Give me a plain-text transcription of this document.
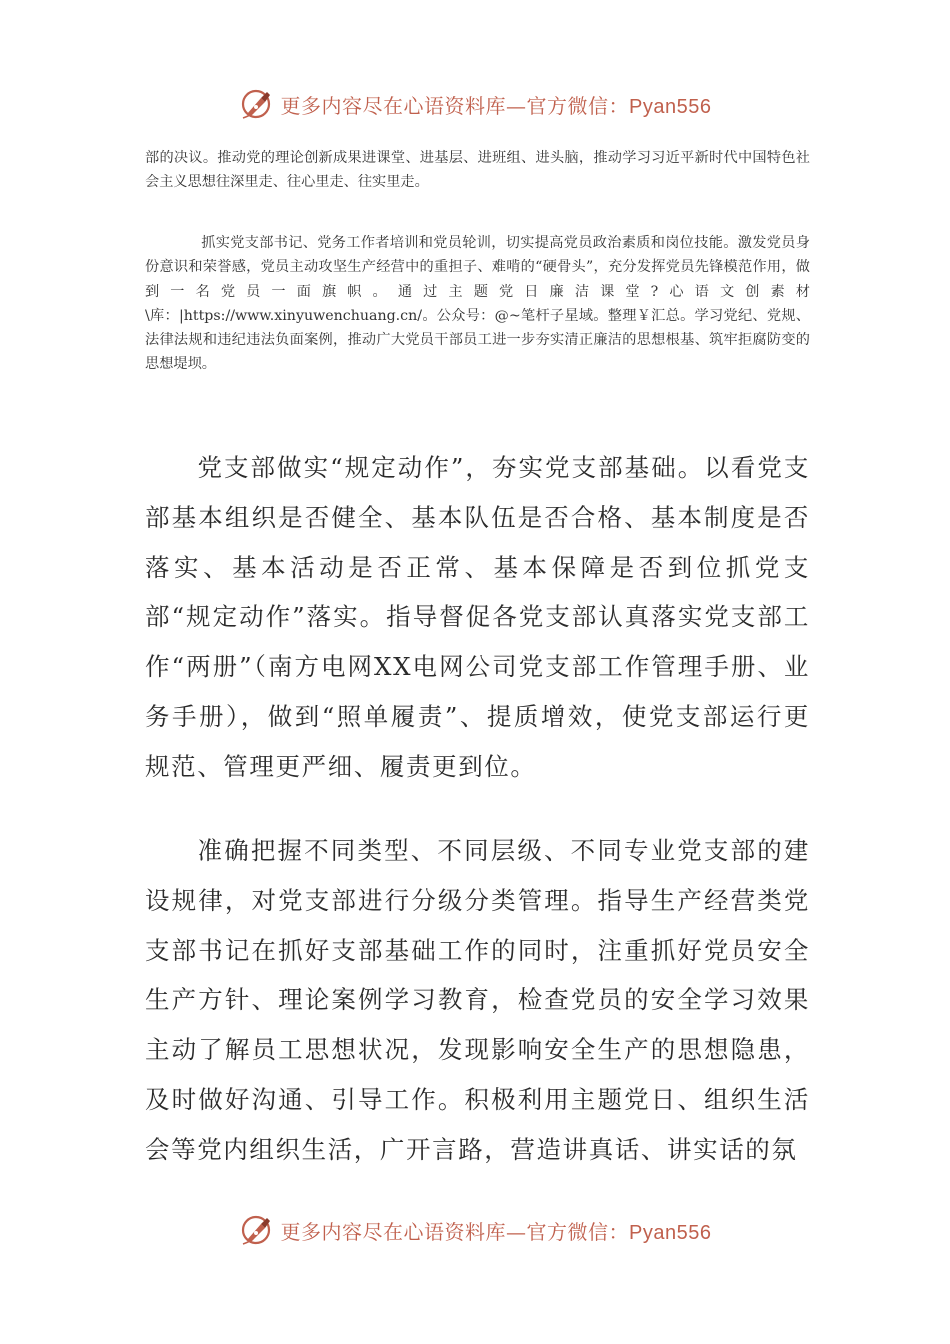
更多内容尽在心语资料库—官方微信：Pyan556

部的决议。推动党的理论创新成果进课堂、进基层、进班组、进头脑，推动学习习近平新时代中国特色社会主义思想往深里走、往心里走、往实里走。

抓实党支部书记、党务工作者培训和党员轮训，切实提高党员政治素质和岗位技能。激发党员身份意识和荣誉感，党员主动攻坚生产经营中的重担子、难啃的“硬骨头”，充分发挥党员先锋模范作用，做到一名党员一面旗帜。通过主题党日廉洁课堂?心语文创素材\库：|https://www.xinyuwenchuang.cn/。公众号：@~笔杆子星域。整理￥汇总。学习党纪、党规、法律法规和违纪违法负面案例，推动广大党员干部员工进一步夯实清正廉洁的思想根基、筑牢拒腐防变的思想堤坝。

党支部做实“规定动作”，夯实党支部基础。以看党支部基本组织是否健全、基本队伍是否合格、基本制度是否落实、基本活动是否正常、基本保障是否到位抓党支部“规定动作”落实。指导督促各党支部认真落实党支部工作“两册”（南方电网XX电网公司党支部工作管理手册、业务手册），做到“照单履责”、提质增效，使党支部运行更规范、管理更严细、履责更到位。

准确把握不同类型、不同层级、不同专业党支部的建设规律，对党支部进行分级分类管理。指导生产经营类党支部书记在抓好支部基础工作的同时，注重抓好党员安全生产方针、理论案例学习教育，检查党员的安全学习效果主动了解员工思想状况，发现影响安全生产的思想隐患，及时做好沟通、引导工作。积极利用主题党日、组织生活会等党内组织生活，广开言路，营造讲真话、讲实话的氛

更多内容尽在心语资料库—官方微信：Pyan556
